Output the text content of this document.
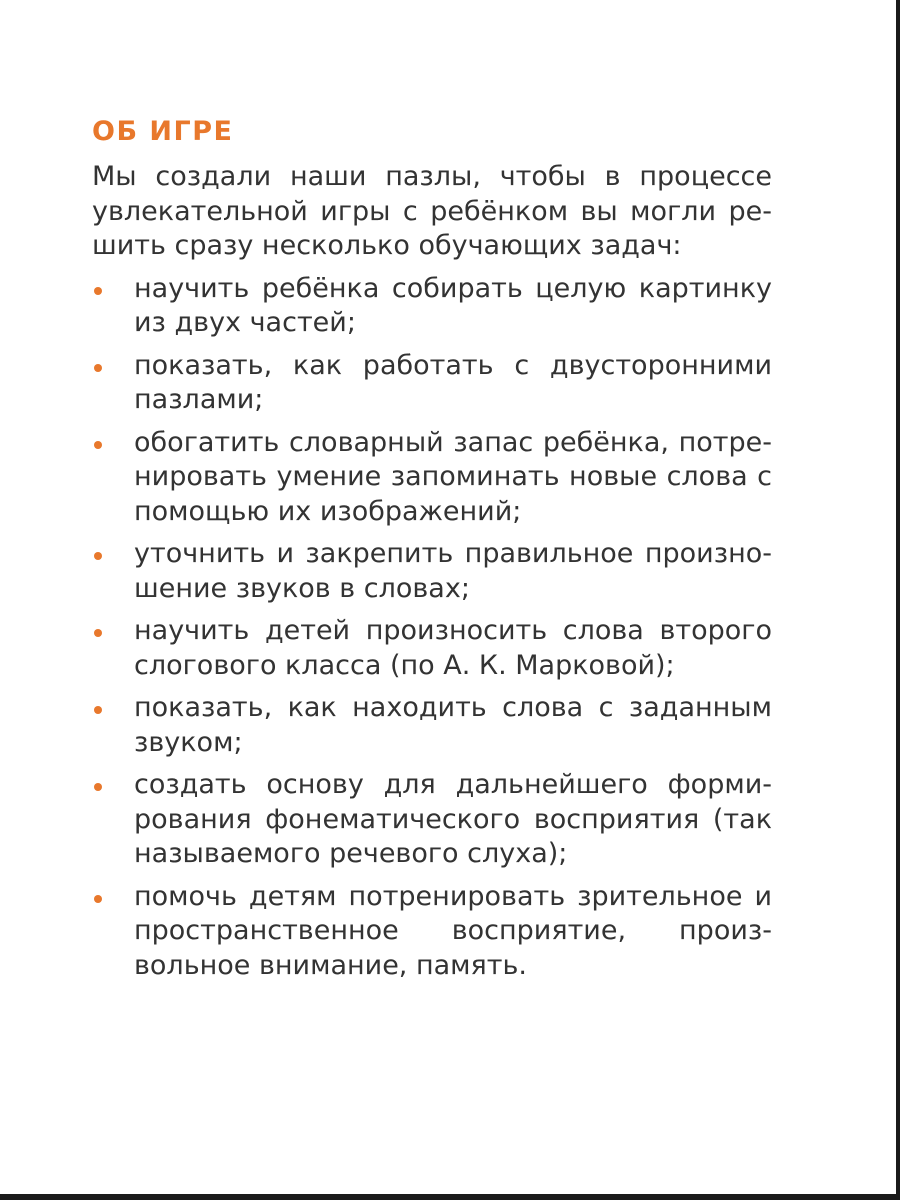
ОБ ИГРЕ

Мы создали наши пазлы, чтобы в процессе увлекательной игры с ребёнком вы могли решить сразу несколько обучающих задач:

научить ребёнка собирать целую картинку из двух частей;
показать, как работать с двусторонними пазлами;
обогатить словарный запас ребёнка, потренировать умение запоминать новые слова с помощью их изображений;
уточнить и закрепить правильное произношение звуков в словах;
научить детей произносить слова второго слогового класса (по А. К. Марковой);
показать, как находить слова с заданным звуком;
создать основу для дальнейшего формирования фонематического восприятия (так называемого речевого слуха);
помочь детям потренировать зрительное и пространственное восприятие, произвольное внимание, память.
